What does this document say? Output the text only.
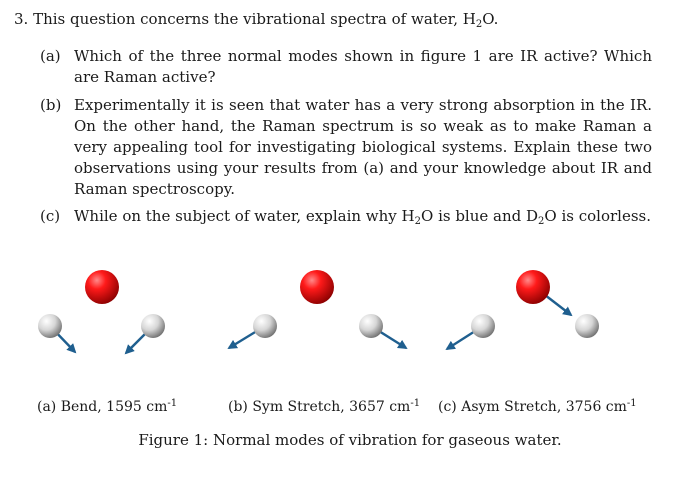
3. This question concerns the vibrational spectra of water, $H_2O$.
(a) Which of the three normal modes shown in figure 1 are IR active? Which are Raman active?
(b) Experimentally it is seen that water has a very strong absorption in the IR. On the other hand, the Raman spectrum is so weak as to make Raman a very appealing tool for investigating biological systems. Explain these two observations using your results from (a) and your knowledge about IR and Raman spectroscopy.
(c) While on the subject of water, explain why $H_2O$ is blue and $D_2O$ is colorless.
(a) Bend, 1595 $cm^{-1}$	(b) Sym Stretch, 3657 $cm^{-1}$ (c) Asym Stretch, 3756 $cm^{-1}$
Figure 1: Normal modes of vibration for gaseous water.
